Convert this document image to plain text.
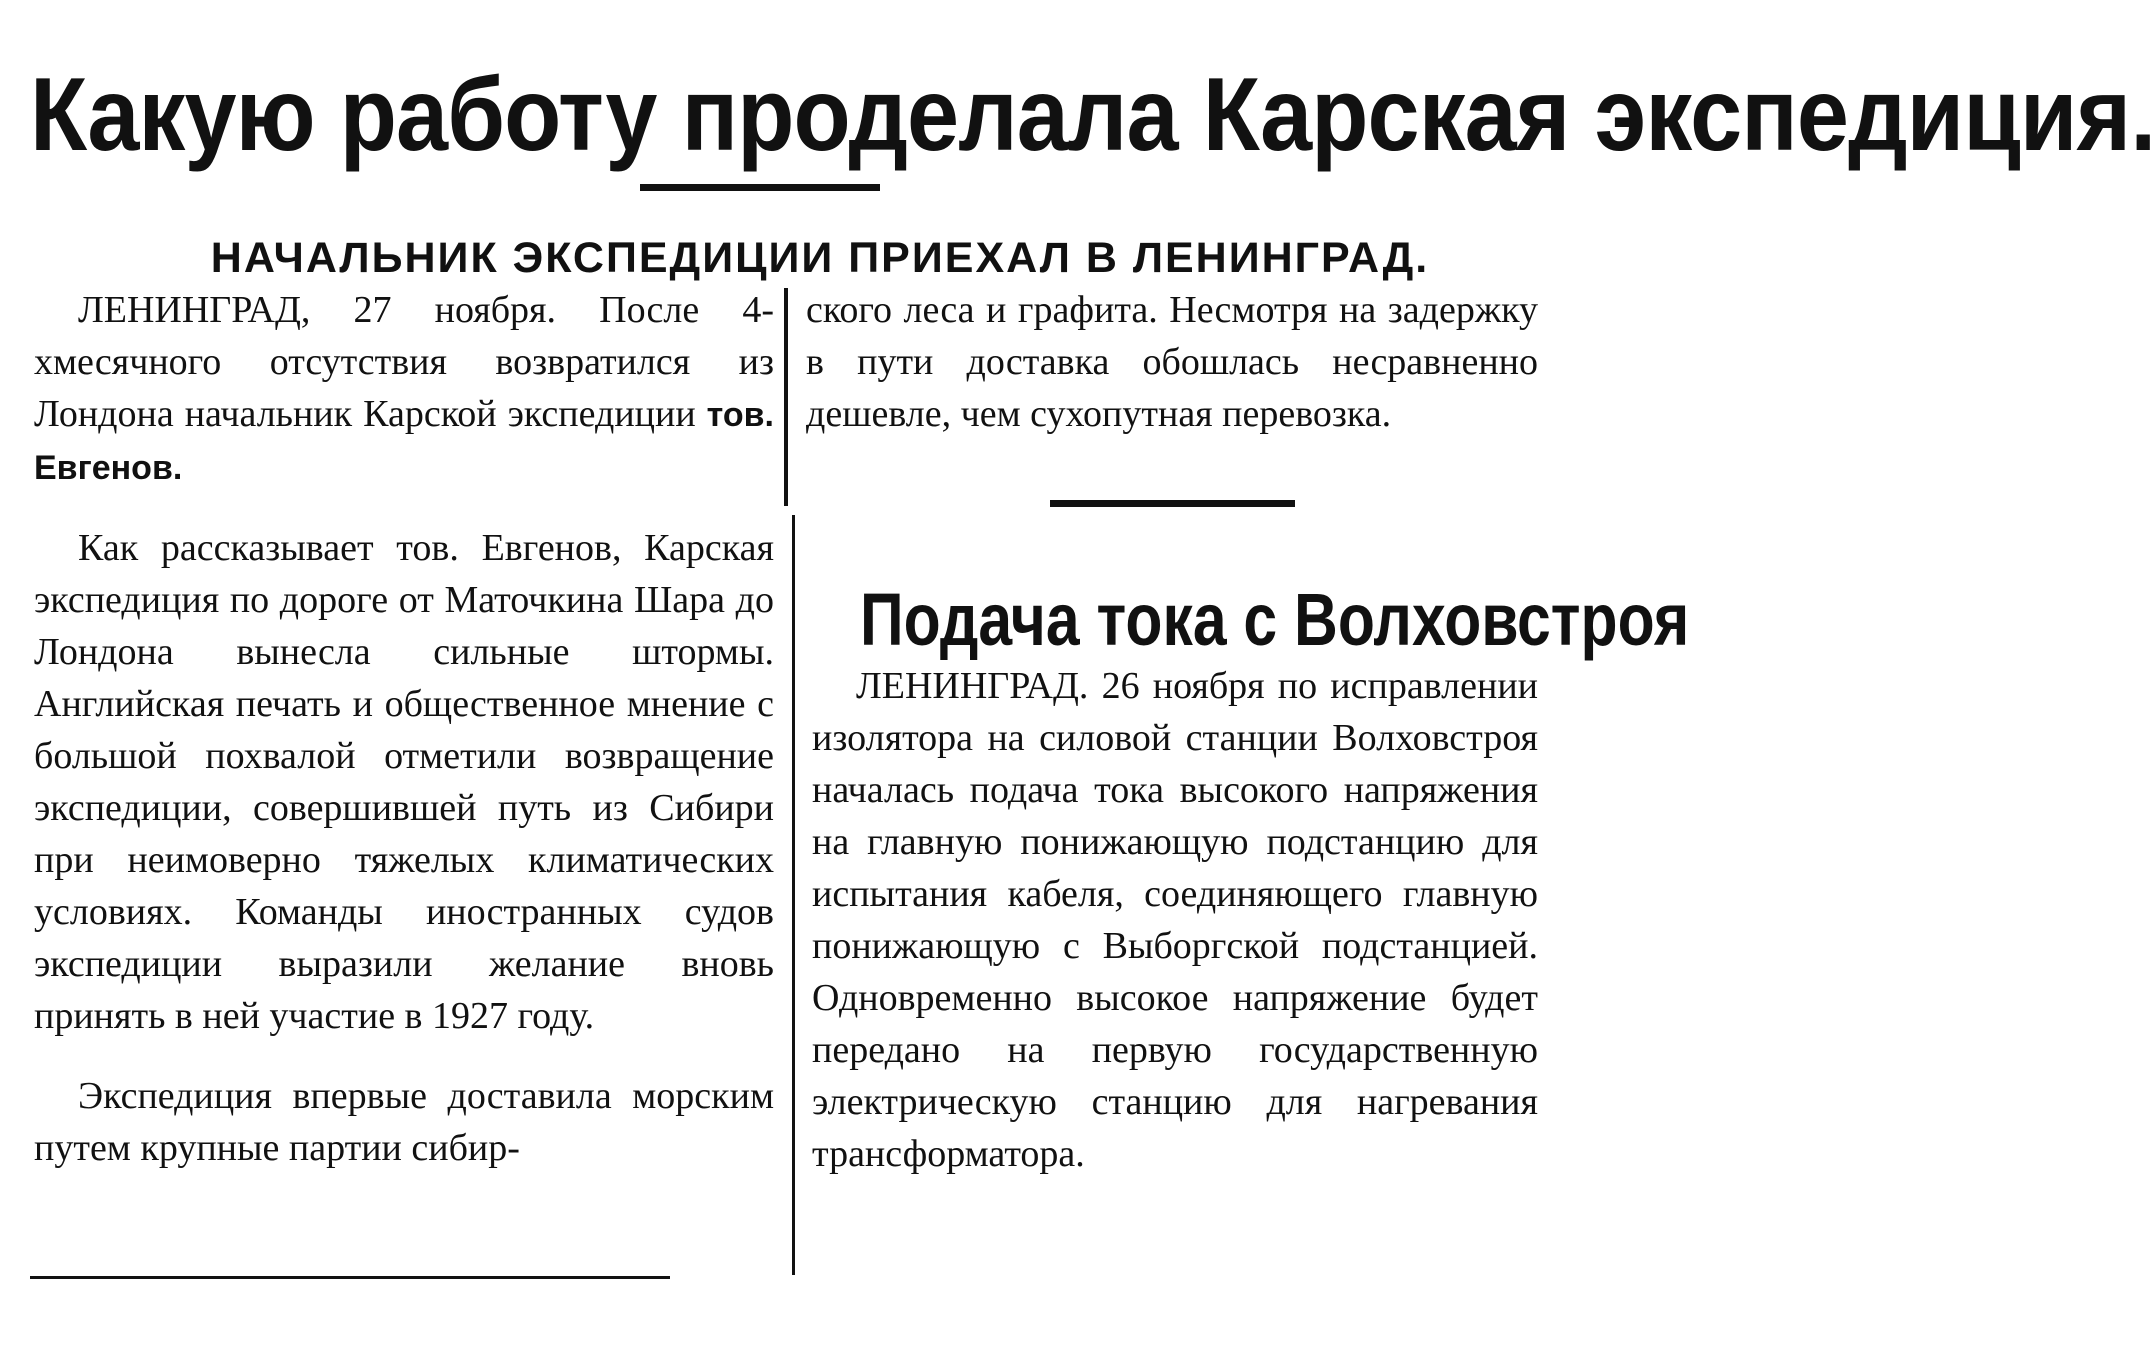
Какую работу проделала Карская экспедиция.
НАЧАЛЬНИК ЭКСПЕДИЦИИ ПРИЕХАЛ В ЛЕНИНГРАД.

ЛЕНИНГРАД, 27 ноября. После 4-хмесячного отсутствия возвратился из Лондона начальник Карской экспедиции тов. Евгенов.

Как рассказывает тов. Евгенов, Карская экспедиция по дороге от Маточкина Шара до Лондона вынесла сильные штормы. Английская печать и общественное мнение с большой похвалой отметили возвращение экспедиции, совершившей путь из Сибири при неимоверно тяжелых климатических условиях. Команды иностранных судов экспедиции выразили желание вновь принять в ней участие в 1927 году.

Экспедиция впервые доставила морским путем крупные партии сибир-

ского леса и графита. Несмотря на задержку в пути доставка обошлась несравненно дешевле, чем сухопутная перевозка.

Подача тока с Волховстроя

ЛЕНИНГРАД. 26 ноября по исправлении изолятора на силовой станции Волховстроя началась подача тока высокого напряжения на главную понижающую подстанцию для испытания кабеля, соединяющего главную понижающую с Выборгской подстанцией. Одновременно высокое напряжение будет передано на первую государственную электрическую станцию для нагревания трансформатора.
